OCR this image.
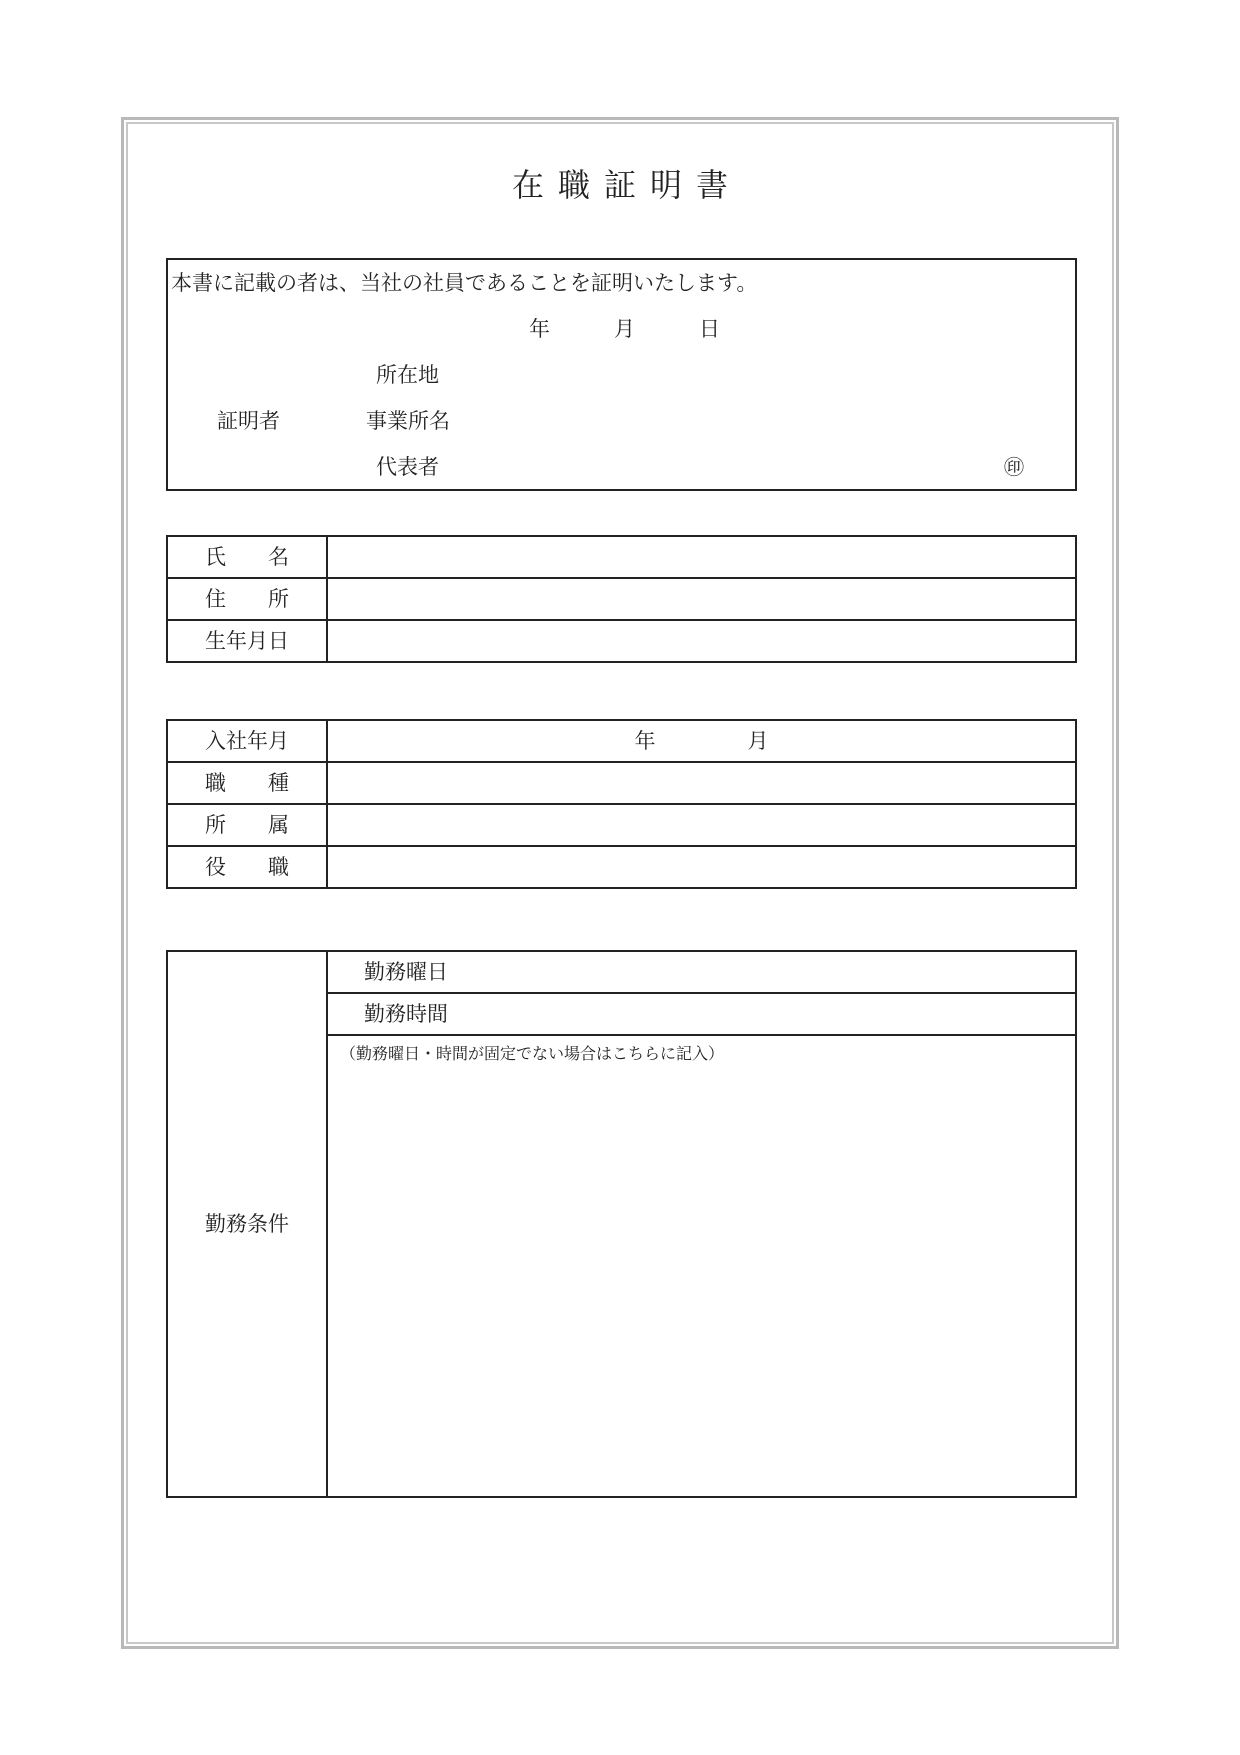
在職証明書
本書に記載の者は、当社の社員であることを証明いたします。
年	月	日
所在地
証明者	事業所名
代表者	㊞
氏　名	
住　所	
生年月日	
入社年月	年 月
職　種	
所　属	
役　職	
勤務条件	勤務曜日
勤務時間
（勤務曜日・時間が固定でない場合はこちらに記入）
